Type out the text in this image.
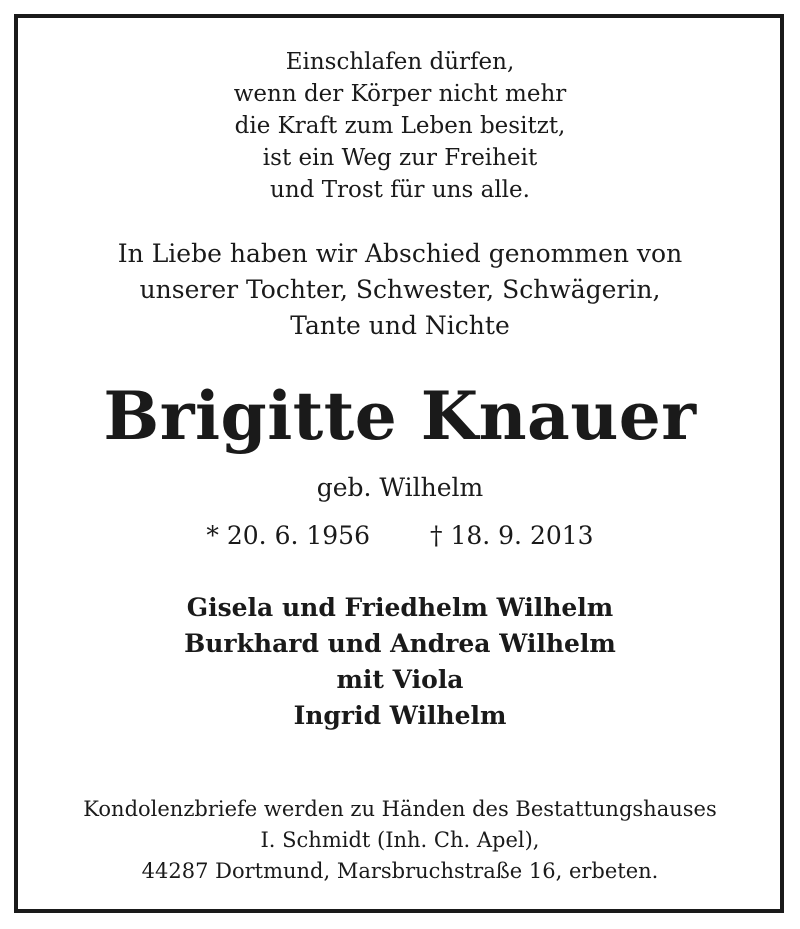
Einschlafen dürfen,
wenn der Körper nicht mehr
die Kraft zum Leben besitzt,
ist ein Weg zur Freiheit
und Trost für uns alle.
In Liebe haben wir Abschied genommen von
unserer Tochter, Schwester, Schwägerin,
Tante und Nichte
Brigitte Knauer
geb. Wilhelm
* 20. 6. 1956 † 18. 9. 2013
Gisela und Friedhelm Wilhelm
Burkhard und Andrea Wilhelm
mit Viola
Ingrid Wilhelm
Kondolenzbriefe werden zu Händen des Bestattungshauses
I. Schmidt (Inh. Ch. Apel),
44287 Dortmund, Marsbruchstraße 16, erbeten.
